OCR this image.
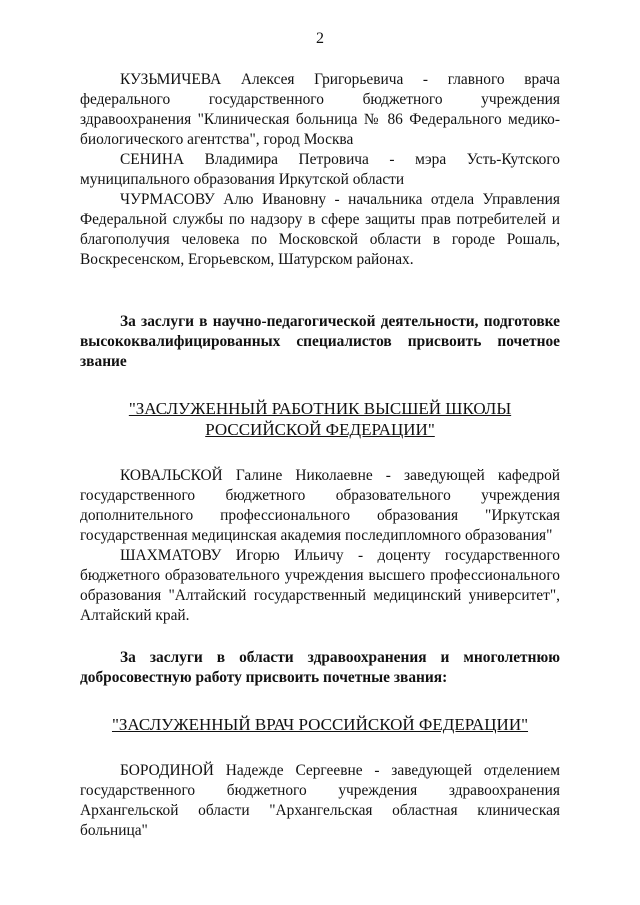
2

КУЗЬМИЧЕВА Алексея Григорьевича - главного врача федерального государственного бюджетного учреждения здравоохранения "Клиническая больница № 86 Федерального медико-биологического агентства", город Москва

СЕНИНА Владимира Петровича - мэра Усть-Кутского муниципального образования Иркутской области

ЧУРМАСОВУ Алю Ивановну - начальника отдела Управления Федеральной службы по надзору в сфере защиты прав потребителей и благополучия человека по Московской области в городе Рошаль, Воскресенском, Егорьевском, Шатурском районах.

За заслуги в научно-педагогической деятельности, подготовке высококвалифицированных специалистов присвоить почетное звание

"ЗАСЛУЖЕННЫЙ РАБОТНИК ВЫСШЕЙ ШКОЛЫ

РОССИЙСКОЙ ФЕДЕРАЦИИ"

КОВАЛЬСКОЙ Галине Николаевне - заведующей кафедрой государственного бюджетного образовательного учреждения дополнительного профессионального образования "Иркутская государственная медицинская академия последипломного образования"

ШАХМАТОВУ Игорю Ильичу - доценту государственного бюджетного образовательного учреждения высшего профессионального образования "Алтайский государственный медицинский университет", Алтайский край.

За заслуги в области здравоохранения и многолетнюю добросовестную работу присвоить почетные звания:

"ЗАСЛУЖЕННЫЙ ВРАЧ РОССИЙСКОЙ ФЕДЕРАЦИИ"

БОРОДИНОЙ Надежде Сергеевне - заведующей отделением государственного бюджетного учреждения здравоохранения Архангельской области "Архангельская областная клиническая больница"
